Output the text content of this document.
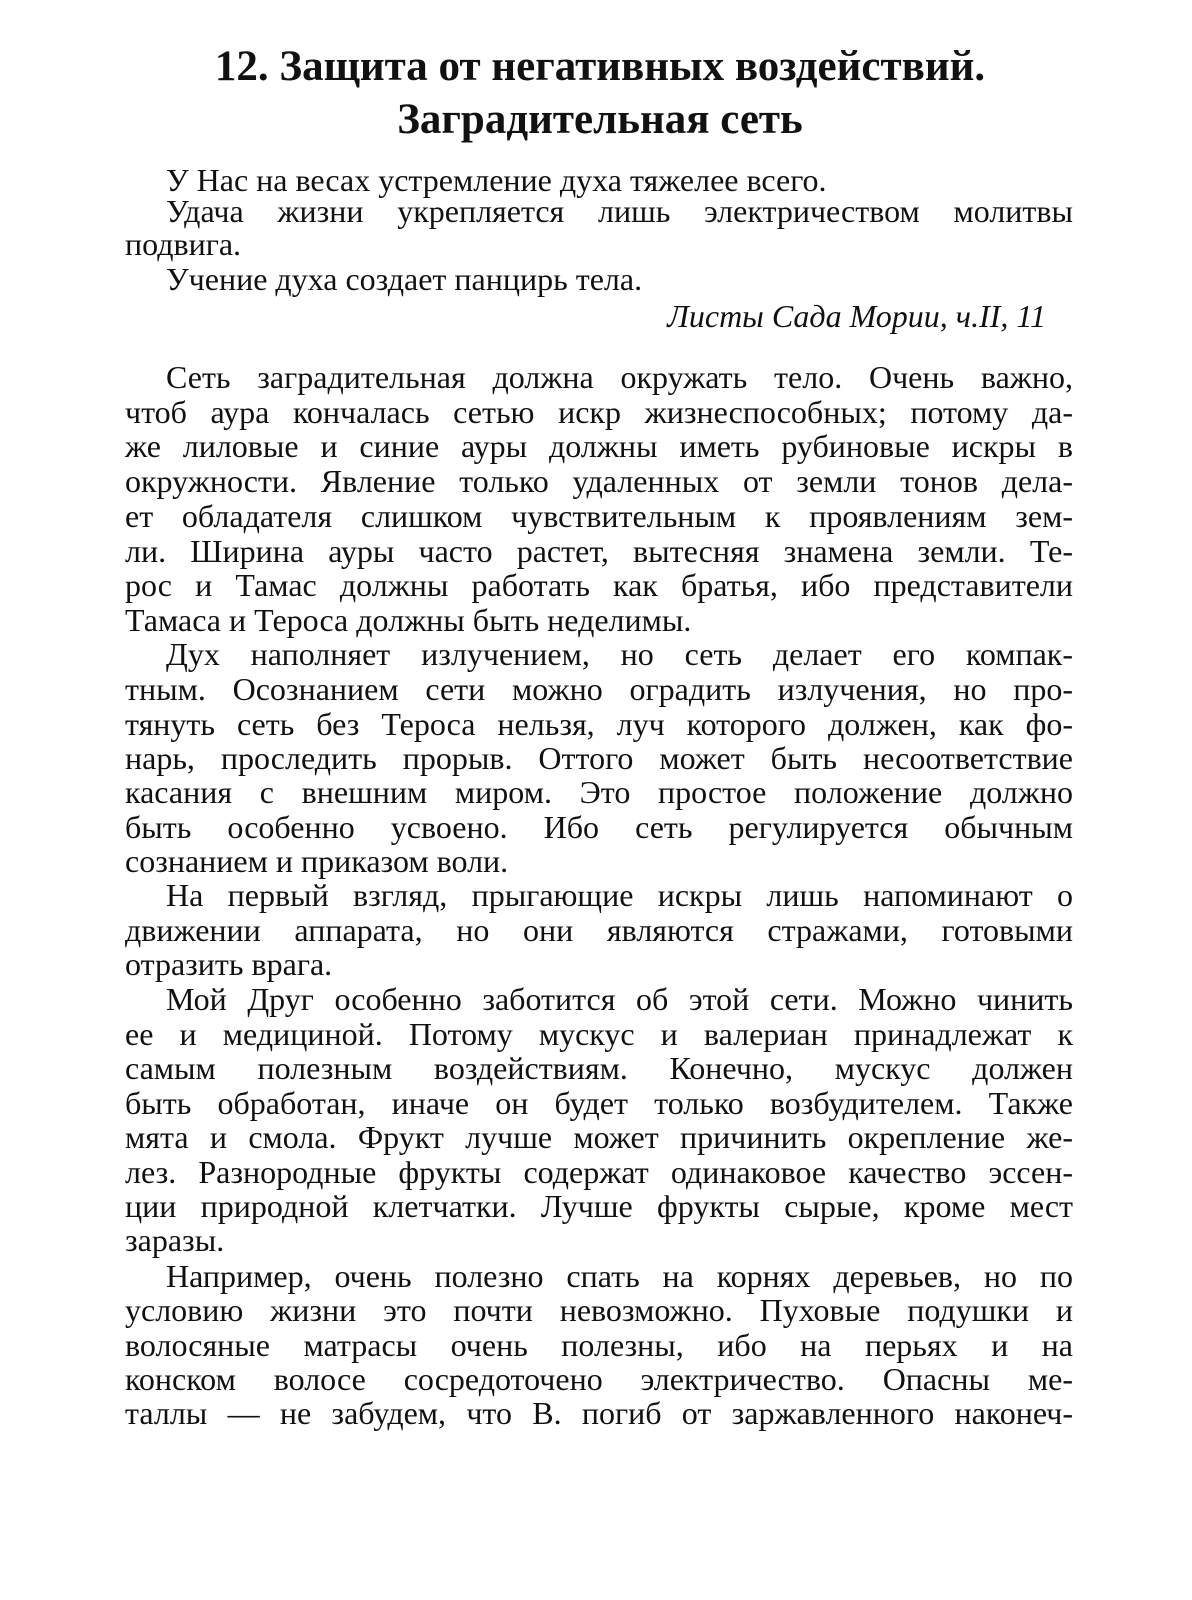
12. Защита от негативных воздействий.
Заградительная сеть

У Нас на весах устремление духа тяжелее всего.

Удача жизни укрепляется лишь электричеством молитвы

подвига.

Учение духа создает панцирь тела.

Листы Сада Мории, ч.II, 11

Сеть заградительная должна окружать тело. Очень важно,

чтоб аура кончалась сетью искр жизнеспособных; потому да-

же лиловые и синие ауры должны иметь рубиновые искры в

окружности. Явление только удаленных от земли тонов дела-

ет обладателя слишком чувствительным к проявлениям зем-

ли. Ширина ауры часто растет, вытесняя знамена земли. Те-

рос и Тамас должны работать как братья, ибо представители

Тамаса и Тероса должны быть неделимы.

Дух наполняет излучением, но сеть делает его компак-

тным. Осознанием сети можно оградить излучения, но про-

тянуть сеть без Тероса нельзя, луч которого должен, как фо-

нарь, проследить прорыв. Оттого может быть несоответствие

касания с внешним миром. Это простое положение должно

быть особенно усвоено. Ибо сеть регулируется обычным

сознанием и приказом воли.

На первый взгляд, прыгающие искры лишь напоминают о

движении аппарата, но они являются стражами, готовыми

отразить врага.

Мой Друг особенно заботится об этой сети. Можно чинить

ее и медициной. Потому мускус и валериан принадлежат к

самым полезным воздействиям. Конечно, мускус должен

быть обработан, иначе он будет только возбудителем. Также

мята и смола. Фрукт лучше может причинить окрепление же-

лез. Разнородные фрукты содержат одинаковое качество эссен-

ции природной клетчатки. Лучше фрукты сырые, кроме мест

заразы.

Например, очень полезно спать на корнях деревьев, но по

условию жизни это почти невозможно. Пуховые подушки и

волосяные матрасы очень полезны, ибо на перьях и на

конском волосе сосредоточено электричество. Опасны ме-

таллы — не забудем, что В. погиб от заржавленного наконеч-
